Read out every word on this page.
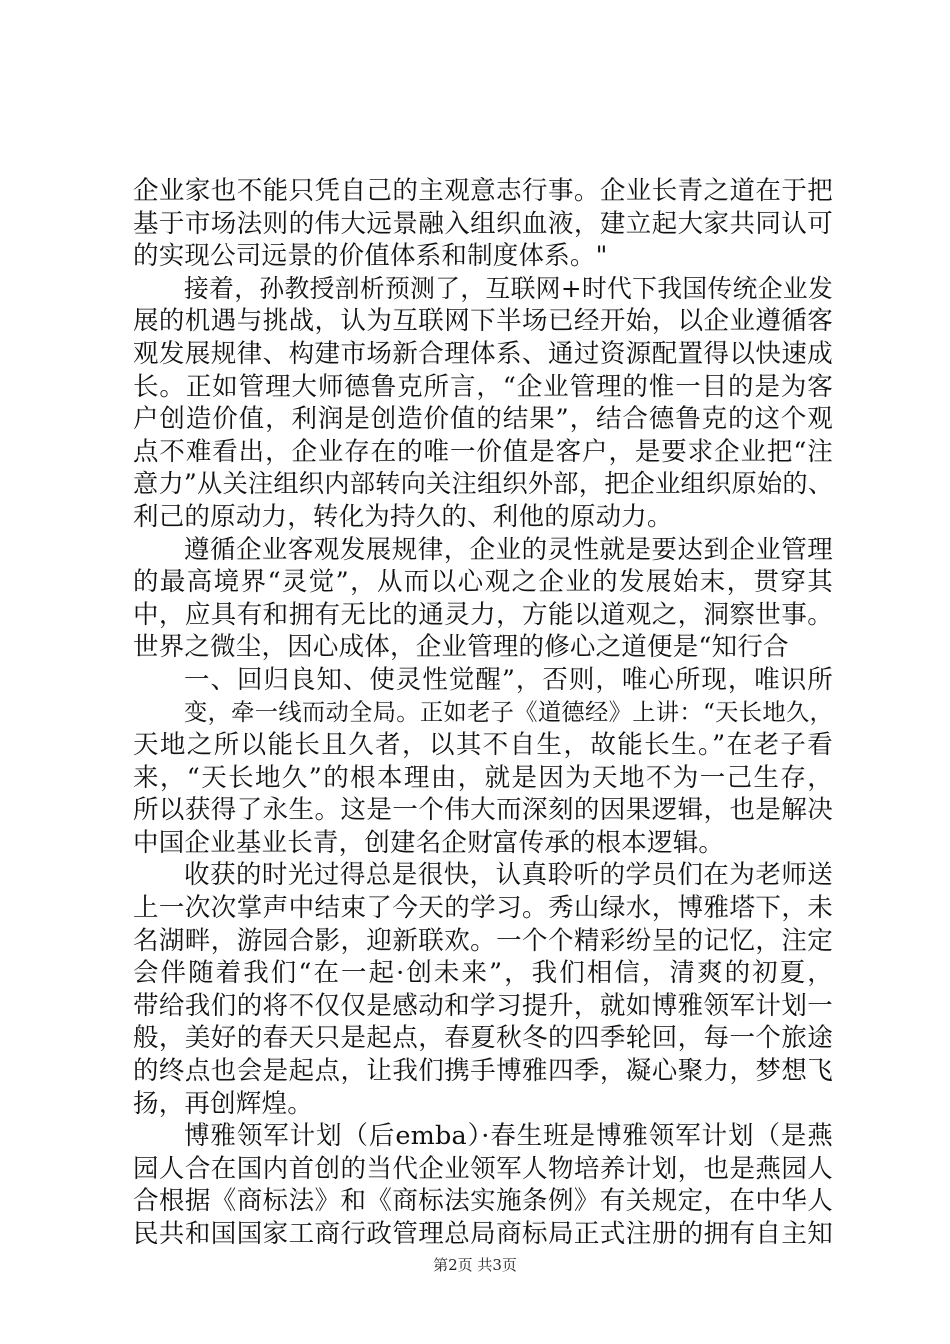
企业家也不能只凭自己的主观意志行事。企业长青之道在于把
基于市场法则的伟大远景融入组织血液，建立起大家共同认可
的实现公司远景的价值体系和制度体系。"
接着，孙教授剖析预测了，互联网+时代下我国传统企业发
展的机遇与挑战，认为互联网下半场已经开始，以企业遵循客
观发展规律、构建市场新合理体系、通过资源配置得以快速成
长。正如管理大师德鲁克所言，“企业管理的惟一目的是为客
户创造价值，利润是创造价值的结果”，结合德鲁克的这个观
点不难看出，企业存在的唯一价值是客户，是要求企业把“注
意力”从关注组织内部转向关注组织外部，把企业组织原始的、
利己的原动力，转化为持久的、利他的原动力。
遵循企业客观发展规律，企业的灵性就是要达到企业管理
的最高境界“灵觉”，从而以心观之企业的发展始末，贯穿其
中，应具有和拥有无比的通灵力，方能以道观之，洞察世事。
世界之微尘，因心成体，企业管理的修心之道便是“知行合
一、回归良知、使灵性觉醒”，否则，唯心所现，唯识所
变，牵一线而动全局。正如老子《道德经》上讲：“天长地久，
天地之所以能长且久者，以其不自生，故能长生。”在老子看
来，“天长地久”的根本理由，就是因为天地不为一己生存，
所以获得了永生。这是一个伟大而深刻的因果逻辑，也是解决
中国企业基业长青，创建名企财富传承的根本逻辑。
收获的时光过得总是很快，认真聆听的学员们在为老师送
上一次次掌声中结束了今天的学习。秀山绿水，博雅塔下，未
名湖畔，游园合影，迎新联欢。一个个精彩纷呈的记忆，注定
会伴随着我们“在一起·创未来”，我们相信，清爽的初夏，
带给我们的将不仅仅是感动和学习提升，就如博雅领军计划一
般，美好的春天只是起点，春夏秋冬的四季轮回，每一个旅途
的终点也会是起点，让我们携手博雅四季，凝心聚力，梦想飞
扬，再创辉煌。
博雅领军计划（后emba）·春生班是博雅领军计划（是燕
园人合在国内首创的当代企业领军人物培养计划，也是燕园人
合根据《商标法》和《商标法实施条例》有关规定，在中华人
民共和国国家工商行政管理总局商标局正式注册的拥有自主知
第2页 共3页
